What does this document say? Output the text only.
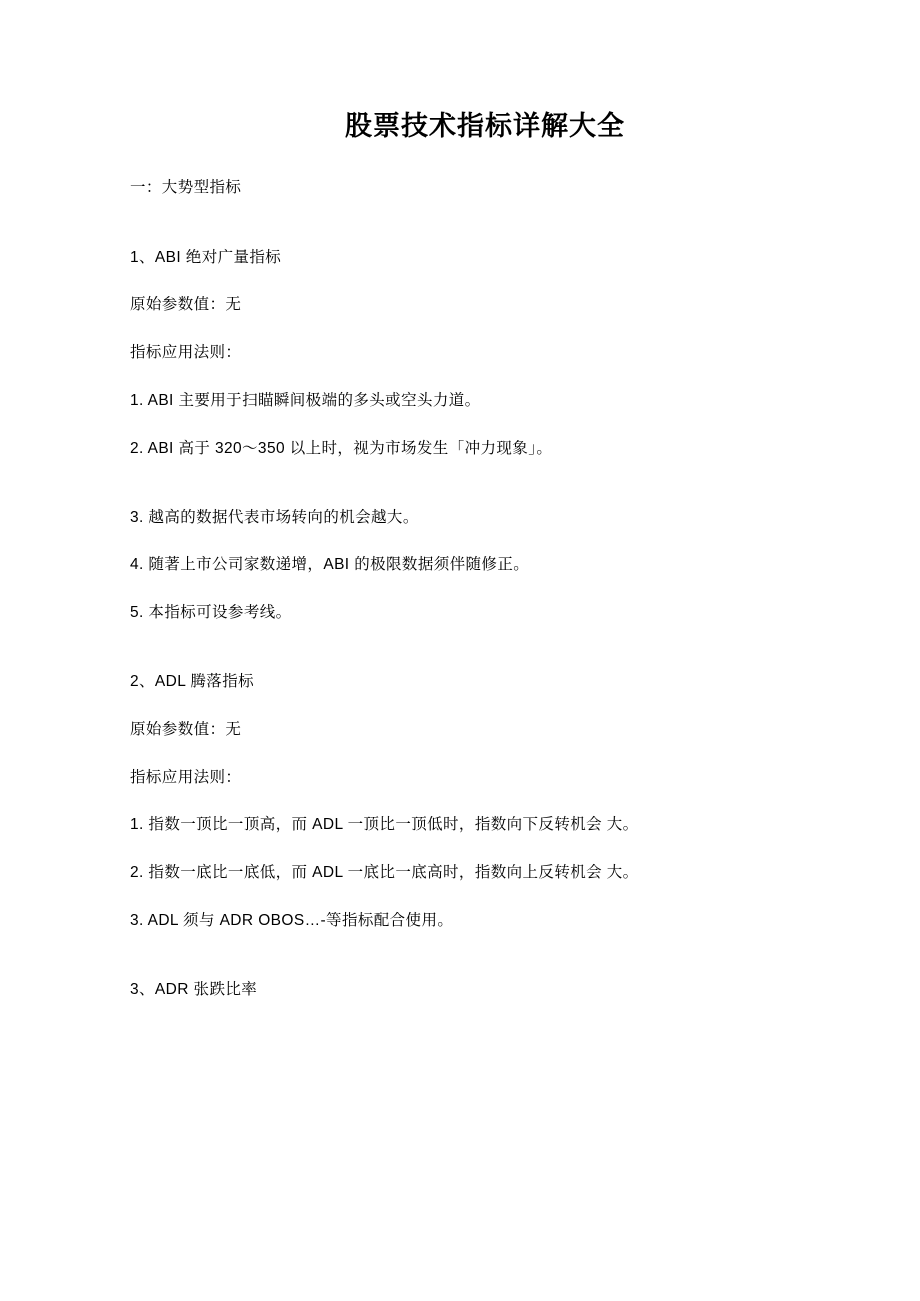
股票技术指标详解大全
一：大势型指标
1、ABI 绝对广量指标
原始参数值：无
指标应用法则：
1. ABI 主要用于扫瞄瞬间极端的多头或空头力道。
2. ABI 高于 320〜350 以上时，视为市场发生「冲力现象」。
3. 越高的数据代表市场转向的机会越大。
4. 随著上市公司家数递增，ABI 的极限数据须伴随修正。
5. 本指标可设参考线。
2、ADL 腾落指标
原始参数值：无
指标应用法则：
1. 指数一顶比一顶高，而 ADL 一顶比一顶低时，指数向下反转机会 大。
2. 指数一底比一底低，而 ADL 一底比一底高时，指数向上反转机会 大。
3. ADL 须与 ADR OBOS…-等指标配合使用。
3、ADR 张跌比率
